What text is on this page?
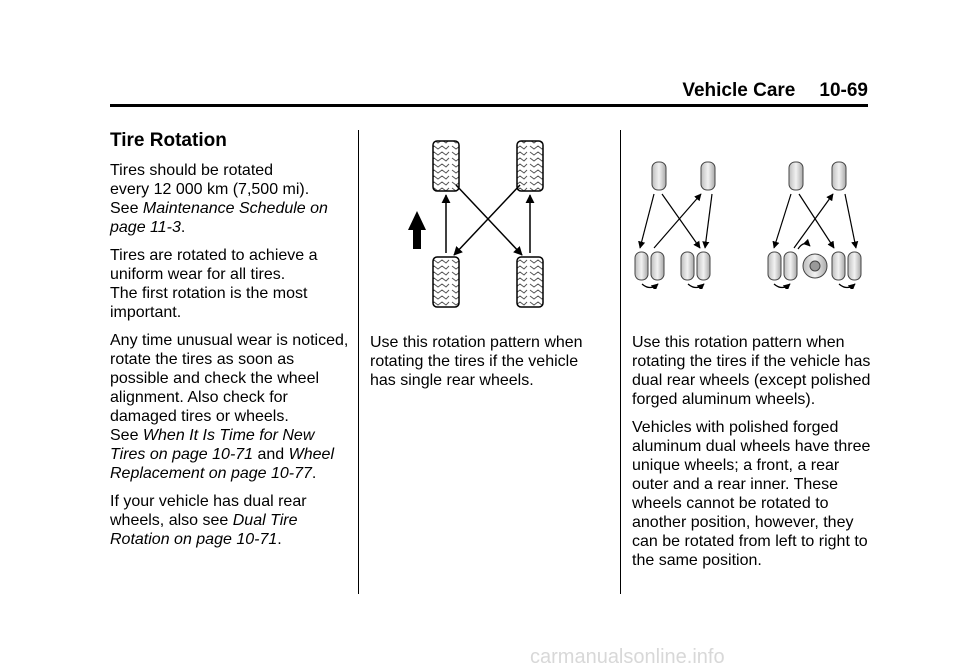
Vehicle Care 10-69
Tire Rotation

Tires should be rotated
every 12 000 km (7,500 mi).
See Maintenance Schedule on page 11-3.

Tires are rotated to achieve a uniform wear for all tires.
The first rotation is the most important.

Any time unusual wear is noticed, rotate the tires as soon as possible and check the wheel alignment. Also check for damaged tires or wheels.
See When It Is Time for New Tires on page 10-71 and Wheel Replacement on page 10-77.

If your vehicle has dual rear wheels, also see Dual Tire Rotation on page 10-71.

Use this rotation pattern when rotating the tires if the vehicle has single rear wheels.

Use this rotation pattern when rotating the tires if the vehicle has dual rear wheels (except polished forged aluminum wheels).

Vehicles with polished forged aluminum dual wheels have three unique wheels; a front, a rear outer and a rear inner. These wheels cannot be rotated to another position, however, they can be rotated from left to right to the same position.

carmanualsonline.info
